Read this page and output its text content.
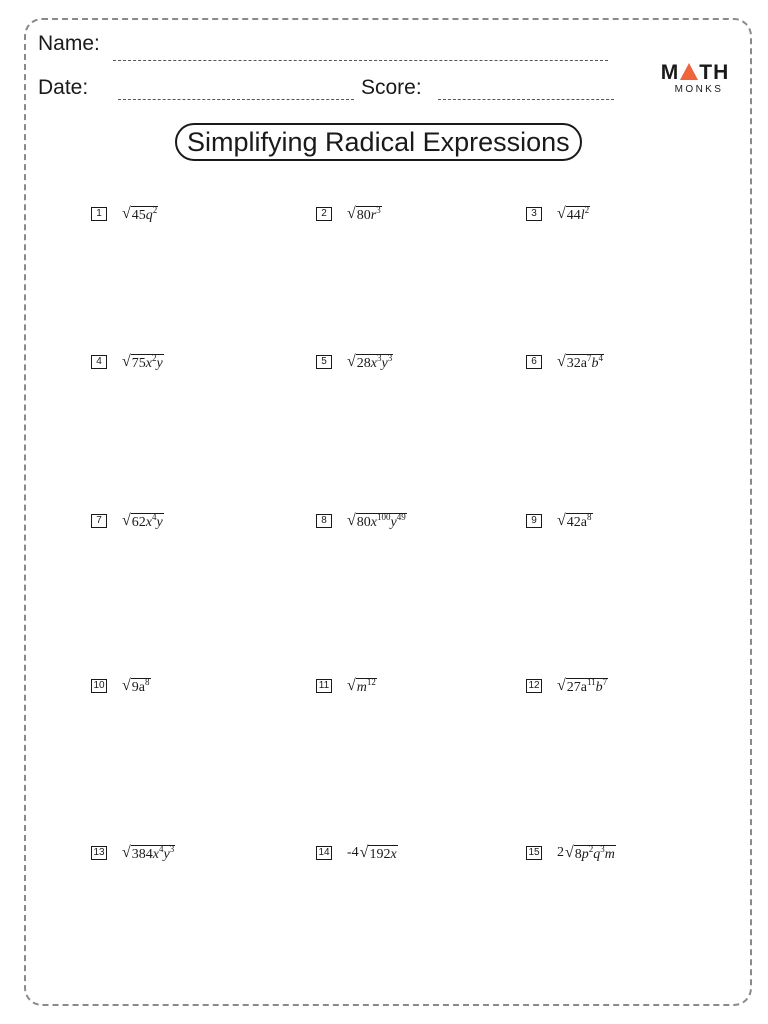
Name:
Date:	Score:
M TH
MONKS
Simplifying Radical Expressions
1	√ $45q^2$	2	√ $80r^3$	3	√ $44l^2$
4	√ $75x^2y$	5	√ $28x^3y^3$	6	√ $32a^7b^4$
7	√ $62x^4y$	8	√ $80x^{100}y^{49}$	9	√ $42a^8$
10 √ $9a^8$	11 √ $m^{12}$	12 √ $27a^{11}b^7$
13 √ $384x^4y^3$	14 -4 √ 192x	15 2 √ $8p^2q^3m$
